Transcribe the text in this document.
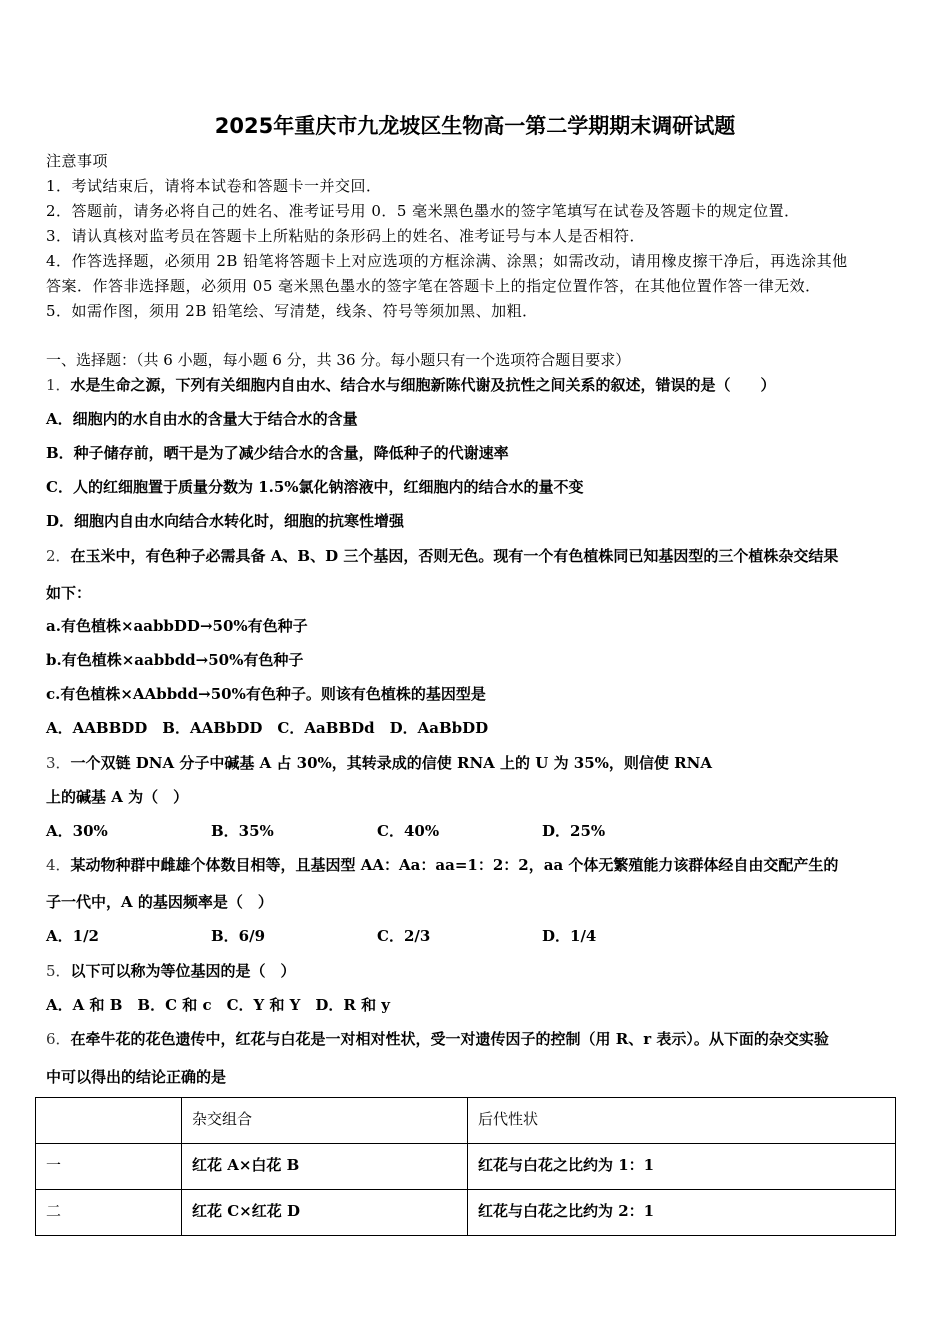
2025年重庆市九龙坡区生物高一第二学期期末调研试题
注意事项
1．考试结束后，请将本试卷和答题卡一并交回．
2．答题前，请务必将自己的姓名、准考证号用 0．5 毫米黑色墨水的签字笔填写在试卷及答题卡的规定位置．
3．请认真核对监考员在答题卡上所粘贴的条形码上的姓名、准考证号与本人是否相符．
4．作答选择题，必须用 2B 铅笔将答题卡上对应选项的方框涂满、涂黑；如需改动，请用橡皮擦干净后，再选涂其他
答案．作答非选择题，必须用 05 毫米黑色墨水的签字笔在答题卡上的指定位置作答，在其他位置作答一律无效．
5．如需作图，须用 2B 铅笔绘、写清楚，线条、符号等须加黑、加粗．
一、选择题：（共 6 小题，每小题 6 分，共 36 分。每小题只有一个选项符合题目要求）
1．水是生命之源，下列有关细胞内自由水、结合水与细胞新陈代谢及抗性之间关系的叙述，错误的是（　　）
A．细胞内的水自由水的含量大于结合水的含量
B．种子储存前，晒干是为了减少结合水的含量，降低种子的代谢速率
C．人的红细胞置于质量分数为 1.5%氯化钠溶液中，红细胞内的结合水的量不变
D．细胞内自由水向结合水转化时，细胞的抗寒性增强
2．在玉米中，有色种子必需具备 A、B、D 三个基因，否则无色。现有一个有色植株同已知基因型的三个植株杂交结果
如下：
a.有色植株×aabbDD→50%有色种子
b.有色植株×aabbdd→50%有色种子
c.有色植株×AAbbdd→50%有色种子。则该有色植株的基因型是
A．AABBDD　B．AABbDD　C．AaBBDd　D．AaBbDD
3．一个双链 DNA 分子中碱基 A 占 30%，其转录成的信使 RNA 上的 U 为 35%，则信使 RNA
上的碱基 A 为（　）
A．30%	B．35%	C．40%	D．25%
4．某动物种群中雌雄个体数目相等，且基因型 AA：Aa：aa=1：2：2，aa 个体无繁殖能力该群体经自由交配产生的
子一代中，A 的基因频率是（　）
A．1/2	B．6/9	C．2/3	D．1/4
5．以下可以称为等位基因的是（　）
A．A 和 B　B．C 和 c　C．Y 和 Y　D．R 和 y
6．在牵牛花的花色遗传中，红花与白花是一对相对性状，受一对遗传因子的控制（用 R、r 表示）。从下面的杂交实验
中可以得出的结论正确的是
	杂交组合	后代性状
一	红花 A×白花 B	红花与白花之比约为 1：1
二	红花 C×红花 D	红花与白花之比约为 2：1
